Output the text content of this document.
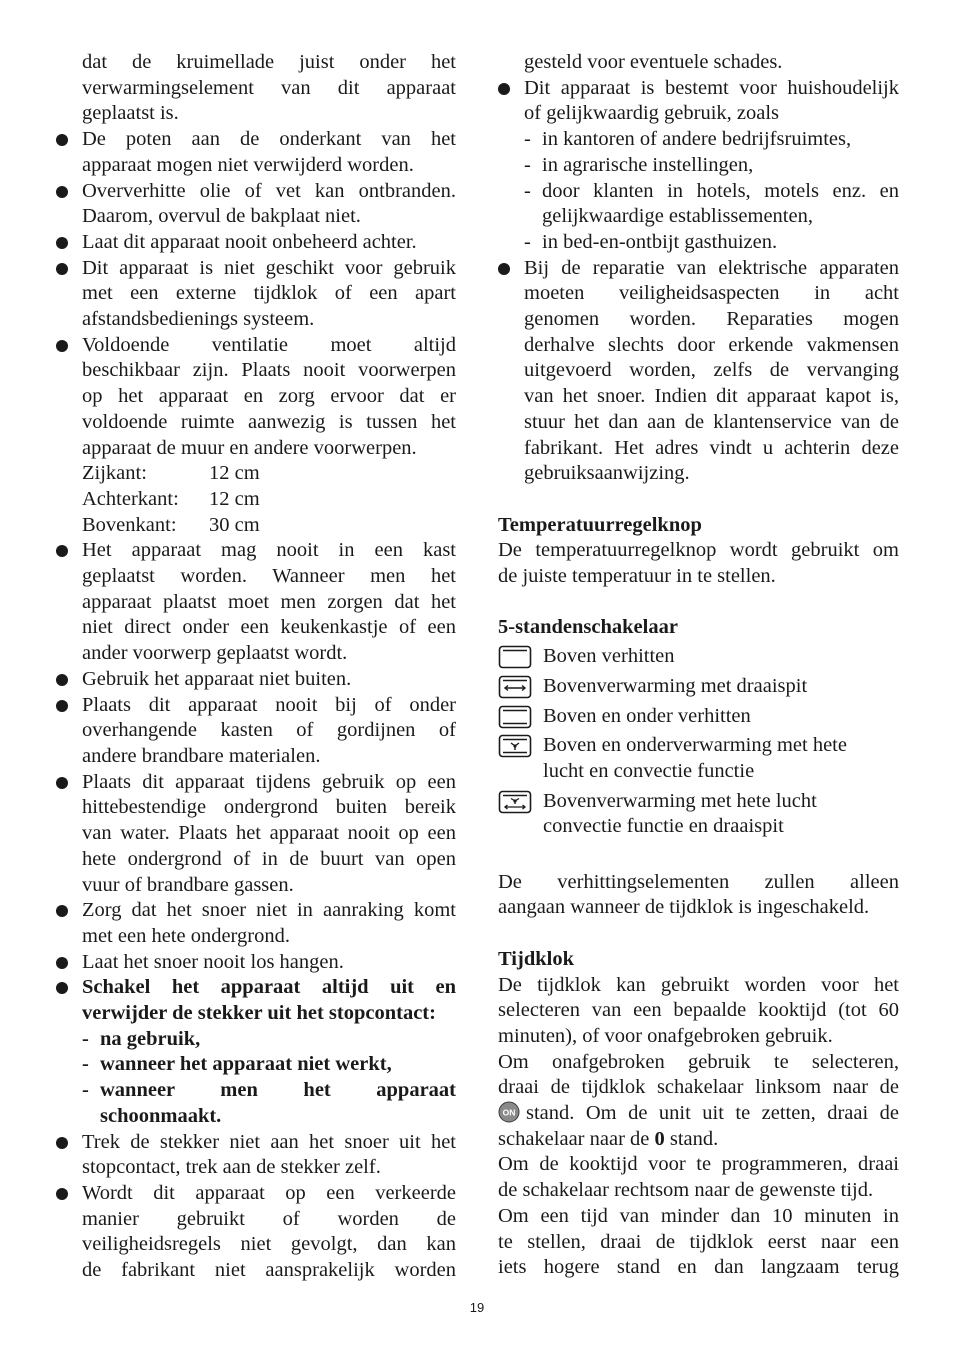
dat de kruimellade juist onder het

verwarmingselement van dit apparaat

geplaatst is.

De poten aan de onderkant van het

apparaat mogen niet verwijderd worden.

Oververhitte olie of vet kan ontbranden.

Daarom, overvul de bakplaat niet.

Laat dit apparaat nooit onbeheerd achter.

Dit apparaat is niet geschikt voor gebruik

met een externe tijdklok of een apart

afstandsbedienings systeem.

Voldoende ventilatie moet altijd

beschikbaar zijn. Plaats nooit voorwerpen

op het apparaat en zorg ervoor dat er

voldoende ruimte aanwezig is tussen het

apparaat de muur en andere voorwerpen.

Zijkant:	12 cm
Achterkant:	12 cm
Bovenkant:	30 cm

Het apparaat mag nooit in een kast

geplaatst worden. Wanneer men het

apparaat plaatst moet men zorgen dat het

niet direct onder een keukenkastje of een

ander voorwerp geplaatst wordt.

Gebruik het apparaat niet buiten.

Plaats dit apparaat nooit bij of onder

overhangende kasten of gordijnen of

andere brandbare materialen.

Plaats dit apparaat tijdens gebruik op een

hittebestendige ondergrond buiten bereik

van water. Plaats het apparaat nooit op een

hete ondergrond of in de buurt van open

vuur of brandbare gassen.

Zorg dat het snoer niet in aanraking komt

met een hete ondergrond.

Laat het snoer nooit los hangen.

Schakel het apparaat altijd uit en

verwijder de stekker uit het stopcontact:

- na gebruik,

- wanneer het apparaat niet werkt,

- wanneer men het apparaat

schoonmaakt.

Trek de stekker niet aan het snoer uit het

stopcontact, trek aan de stekker zelf.

Wordt dit apparaat op een verkeerde

manier gebruikt of worden de

veiligheidsregels niet gevolgt, dan kan

de fabrikant niet aansprakelijk worden

gesteld voor eventuele schades.

Dit apparaat is bestemt voor huishoudelijk

of gelijkwaardig gebruik, zoals

- in kantoren of andere bedrijfsruimtes,

- in agrarische instellingen,

- door klanten in hotels, motels enz. en

gelijkwaardige establissementen,

- in bed-en-ontbijt gasthuizen.

Bij de reparatie van elektrische apparaten

moeten veiligheidsaspecten in acht

genomen worden. Reparaties mogen

derhalve slechts door erkende vakmensen

uitgevoerd worden, zelfs de vervanging

van het snoer. Indien dit apparaat kapot is,

stuur het dan aan de klantenservice van de

fabrikant. Het adres vindt u achterin deze

gebruiksaanwijzing.

Temperatuurregelknop

De temperatuurregelknop wordt gebruikt om

de juiste temperatuur in te stellen.

5-standenschakelaar

Boven verhitten

Bovenverwarming met draaispit

Boven en onder verhitten

Boven en onderverwarming met hete

lucht en convectie functie

Bovenverwarming met hete lucht

convectie functie en draaispit

De verhittingselementen zullen alleen

aangaan wanneer de tijdklok is ingeschakeld.

Tijdklok

De tijdklok kan gebruikt worden voor het

selecteren van een bepaalde kooktijd (tot 60

minuten), of voor onafgebroken gebruik.

Om onafgebroken gebruik te selecteren,

draai de tijdklok schakelaar linksom naar de

ON stand. Om de unit uit te zetten, draai de

schakelaar naar de 0 stand.

Om de kooktijd voor te programmeren, draai

de schakelaar rechtsom naar de gewenste tijd.

Om een tijd van minder dan 10 minuten in

te stellen, draai de tijdklok eerst naar een

iets hogere stand en dan langzaam terug

19
